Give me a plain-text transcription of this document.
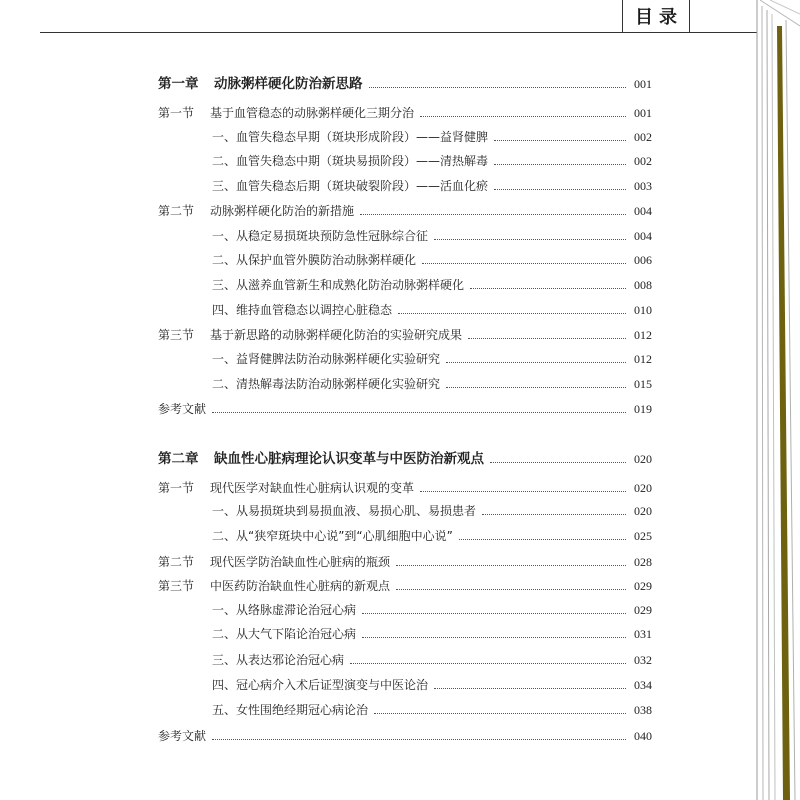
目录
第一章	动脉粥样硬化防治新思路	001
第一节	基于血管稳态的动脉粥样硬化三期分治	001
一、血管失稳态早期（斑块形成阶段）——益肾健脾	002
二、血管失稳态中期（斑块易损阶段）——清热解毒	002
三、血管失稳态后期（斑块破裂阶段）——活血化瘀	003
第二节	动脉粥样硬化防治的新措施	004
一、从稳定易损斑块预防急性冠脉综合征	004
二、从保护血管外膜防治动脉粥样硬化	006
三、从滋养血管新生和成熟化防治动脉粥样硬化	008
四、维持血管稳态以调控心脏稳态	010
第三节	基于新思路的动脉粥样硬化防治的实验研究成果	012
一、益肾健脾法防治动脉粥样硬化实验研究	012
二、清热解毒法防治动脉粥样硬化实验研究	015
参考文献	019
第二章	缺血性心脏病理论认识变革与中医防治新观点	020
第一节	现代医学对缺血性心脏病认识观的变革	020
一、从易损斑块到易损血液、易损心肌、易损患者	020
二、从“狭窄斑块中心说”到“心肌细胞中心说”	025
第二节	现代医学防治缺血性心脏病的瓶颈	028
第三节	中医药防治缺血性心脏病的新观点	029
一、从络脉虚滞论治冠心病	029
二、从大气下陷论治冠心病	031
三、从表达邪论治冠心病	032
四、冠心病介入术后证型演变与中医论治	034
五、女性围绝经期冠心病论治	038
参考文献	040
